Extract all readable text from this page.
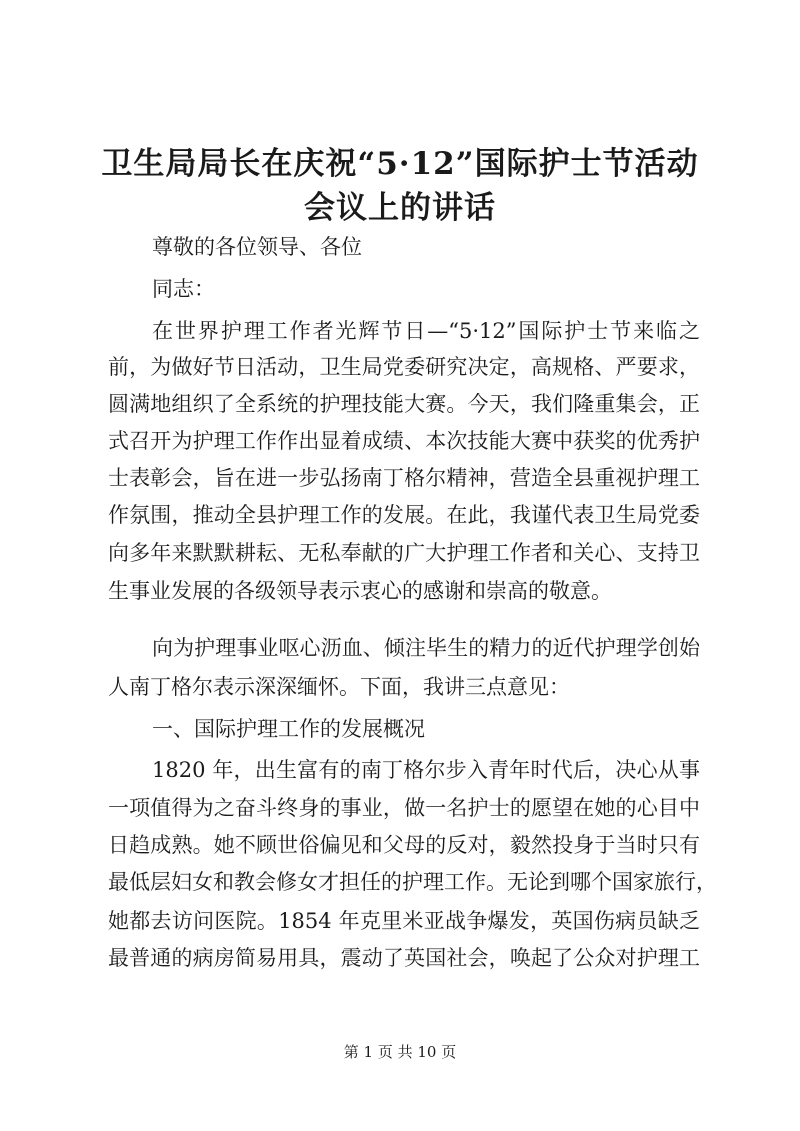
卫生局局长在庆祝“5·12”国际护士节活动
会议上的讲话

尊敬的各位领导、各位

同志：

在世界护理工作者光辉节日—“5·12”国际护士节来临之

前，为做好节日活动，卫生局党委研究决定，高规格、严要求，

圆满地组织了全系统的护理技能大赛。今天，我们隆重集会，正

式召开为护理工作作出显着成绩、本次技能大赛中获奖的优秀护

士表彰会，旨在进一步弘扬南丁格尔精神，营造全县重视护理工

作氛围，推动全县护理工作的发展。在此，我谨代表卫生局党委

向多年来默默耕耘、无私奉献的广大护理工作者和关心、支持卫

生事业发展的各级领导表示衷心的感谢和崇高的敬意。

向为护理事业呕心沥血、倾注毕生的精力的近代护理学创始

人南丁格尔表示深深缅怀。下面，我讲三点意见：

一、国际护理工作的发展概况

1820 年，出生富有的南丁格尔步入青年时代后，决心从事

一项值得为之奋斗终身的事业，做一名护士的愿望在她的心目中

日趋成熟。她不顾世俗偏见和父母的反对，毅然投身于当时只有

最低层妇女和教会修女才担任的护理工作。无论到哪个国家旅行，

她都去访问医院。1854 年克里米亚战争爆发，英国伤病员缺乏

最普通的病房简易用具，震动了英国社会，唤起了公众对护理工

第 1 页 共 10 页
